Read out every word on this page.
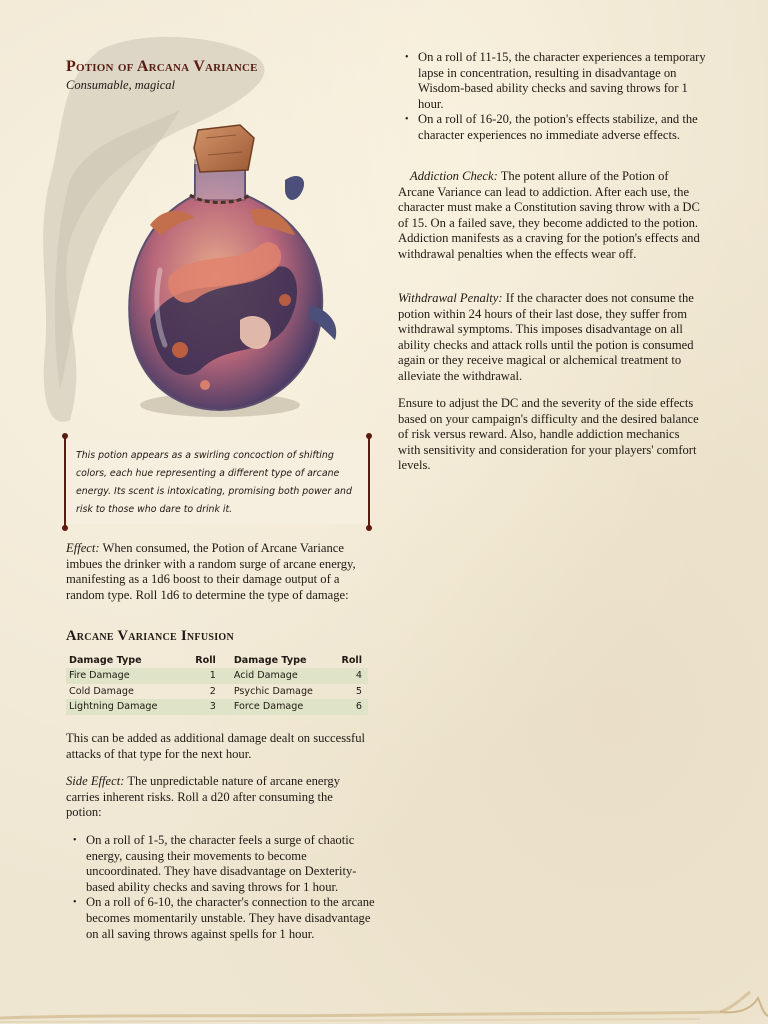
Potion of Arcana Variance
Consumable, magical
This potion appears as a swirling concoction of shifting colors, each hue representing a different type of arcane energy. Its scent is intoxicating, promising both power and risk to those who dare to drink it.

Effect: When consumed, the Potion of Arcane Variance imbues the drinker with a random surge of arcane energy, manifesting as a 1d6 boost to their damage output of a random type. Roll 1d6 to determine the type of damage:

Arcane Variance Infusion
Damage Type	Roll	Damage Type	Roll
Fire Damage	1	Acid Damage	4
Cold Damage	2	Psychic Damage	5
Lightning Damage	3	Force Damage	6

This can be added as additional damage dealt on successful attacks of that type for the next hour.

Side Effect: The unpredictable nature of arcane energy carries inherent risks. Roll a d20 after consuming the potion:

• On a roll of 1-5, the character feels a surge of chaotic energy, causing their movements to become uncoordinated. They have disadvantage on Dexterity-based ability checks and saving throws for 1 hour.
• On a roll of 6-10, the character's connection to the arcane becomes momentarily unstable. They have disadvantage on all saving throws against spells for 1 hour.
• On a roll of 11-15, the character experiences a temporary lapse in concentration, resulting in disadvantage on Wisdom-based ability checks and saving throws for 1 hour.
• On a roll of 16-20, the potion's effects stabilize, and the character experiences no immediate adverse effects.

Addiction Check: The potent allure of the Potion of Arcane Variance can lead to addiction. After each use, the character must make a Constitution saving throw with a DC of 15. On a failed save, they become addicted to the potion. Addiction manifests as a craving for the potion's effects and withdrawal penalties when the effects wear off.

Withdrawal Penalty: If the character does not consume the potion within 24 hours of their last dose, they suffer from withdrawal symptoms. This imposes disadvantage on all ability checks and attack rolls until the potion is consumed again or they receive magical or alchemical treatment to alleviate the withdrawal.

Ensure to adjust the DC and the severity of the side effects based on your campaign's difficulty and the desired balance of risk versus reward. Also, handle addiction mechanics with sensitivity and consideration for your players' comfort levels.
